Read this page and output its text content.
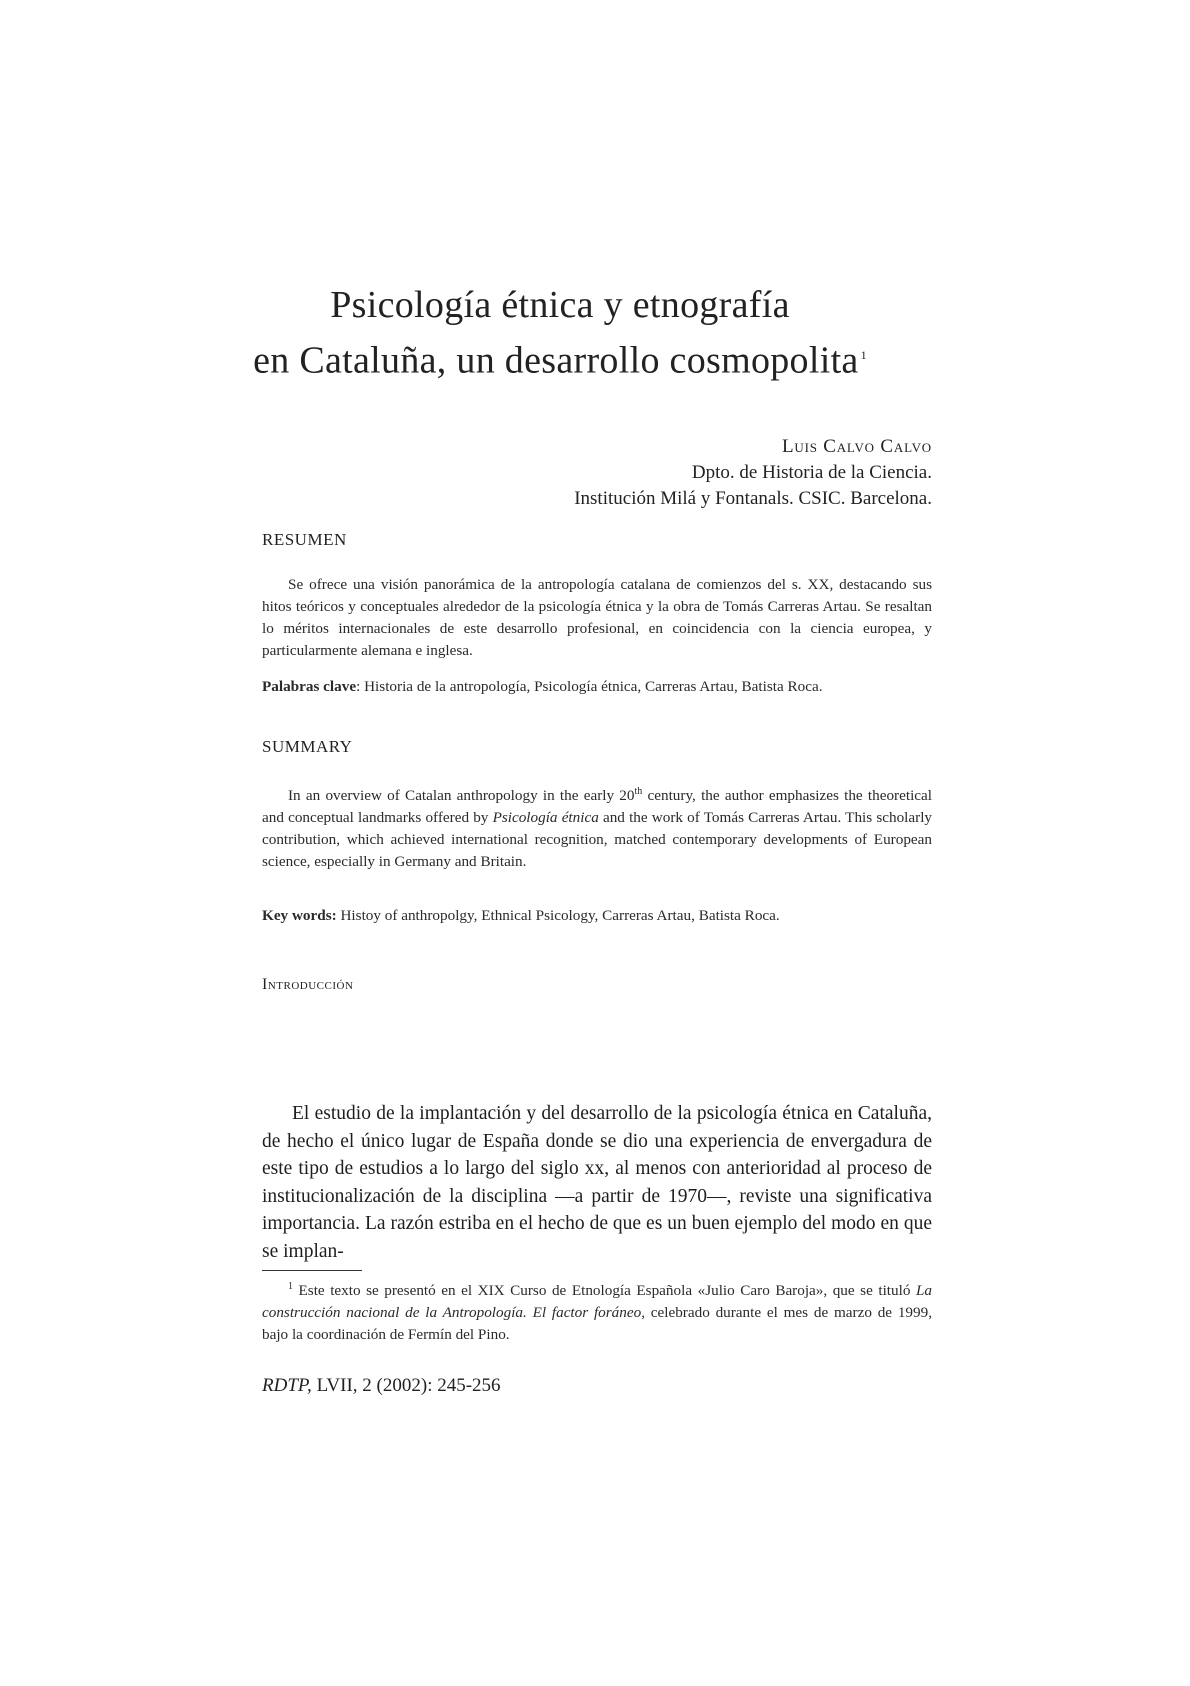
Psicología étnica y etnografía
en Cataluña, un desarrollo cosmopolita $^1$
Luis Calvo Calvo
Dpto. de Historia de la Ciencia.
Institución Milá y Fontanals. CSIC. Barcelona.
RESUMEN

Se ofrece una visión panorámica de la antropología catalana de comienzos del s. XX, destacando sus hitos teóricos y conceptuales alrededor de la psicología étnica y la obra de Tomás Carreras Artau. Se resaltan lo méritos internacionales de este desarrollo profesional, en coincidencia con la ciencia europea, y particularmente alemana e inglesa.

Palabras clave: Historia de la antropología, Psicología étnica, Carreras Artau, Batista Roca.
SUMMARY

In an overview of Catalan anthropology in the early 20th century, the author emphasizes the theoretical and conceptual landmarks offered by Psicología étnica and the work of Tomás Carreras Artau. This scholarly contribution, which achieved international recognition, matched contemporary developments of European science, especially in Germany and Britain.

Key words: Histoy of anthropolgy, Ethnical Psicology, Carreras Artau, Batista Roca.
Introducción

El estudio de la implantación y del desarrollo de la psicología étnica en Cataluña, de hecho el único lugar de España donde se dio una experiencia de envergadura de este tipo de estudios a lo largo del siglo xx, al menos con anterioridad al proceso de institucionalización de la disciplina —a partir de 1970—, reviste una significativa importancia. La razón estriba en el hecho de que es un buen ejemplo del modo en que se implan-

$^1$ Este texto se presentó en el XIX Curso de Etnología Española «Julio Caro Baroja», que se tituló La construcción nacional de la Antropología. El factor foráneo, celebrado durante el mes de marzo de 1999, bajo la coordinación de Fermín del Pino.

RDTP, LVII, 2 (2002): 245-256
